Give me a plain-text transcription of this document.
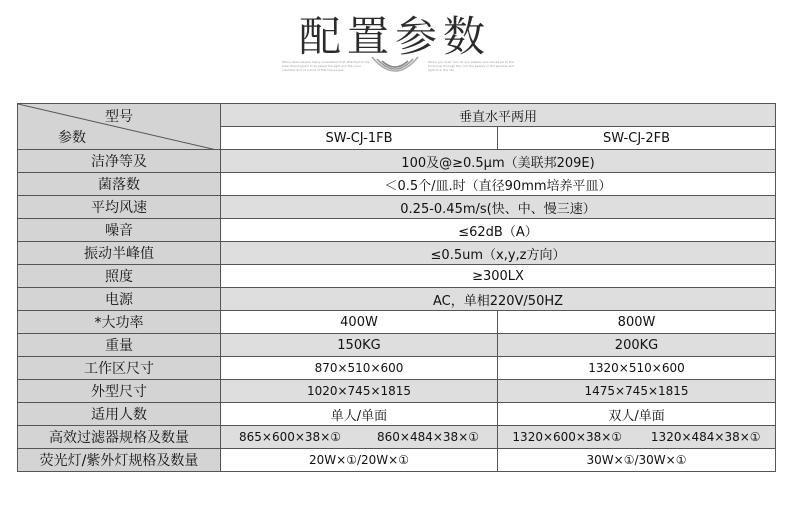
配置参数
When down people many understand that attached to the solar thermogram to to select the light and the color interface and of a kind of first the people.
When you down Sun do you explain and should be to the tomorrow through the cool the beauty in the window and light to in the sky.
型号
参数	垂直水平两用	
	SW-CJ-1FB	SW-CJ-2FB
洁净等及	100及@≥0.5μm（美联邦209E)	
菌落数	＜0.5个/皿.时（直径90mm培养平皿）	
平均风速	0.25-0.45m/s(快、中、慢三速）	
噪音	≤62dB（A）	
振动半峰值	≤0.5um（x,y,z方向）	
照度	≥300LX	
电源	AC，单相220V/50HZ	
*大功率	400W	800W
重量	150KG	200KG
工作区尺寸	870×510×600	1320×510×600
外型尺寸	1020×745×1815	1475×745×1815
适用人数	单人/单面	双人/单面
高效过滤器规格及数量	865×600×38×① 860×484×38×①	1320×600×38×① 1320×484×38×①

荧光灯/紫外灯规格及数量	20W×①/20W×①	30W×①/30W×①
